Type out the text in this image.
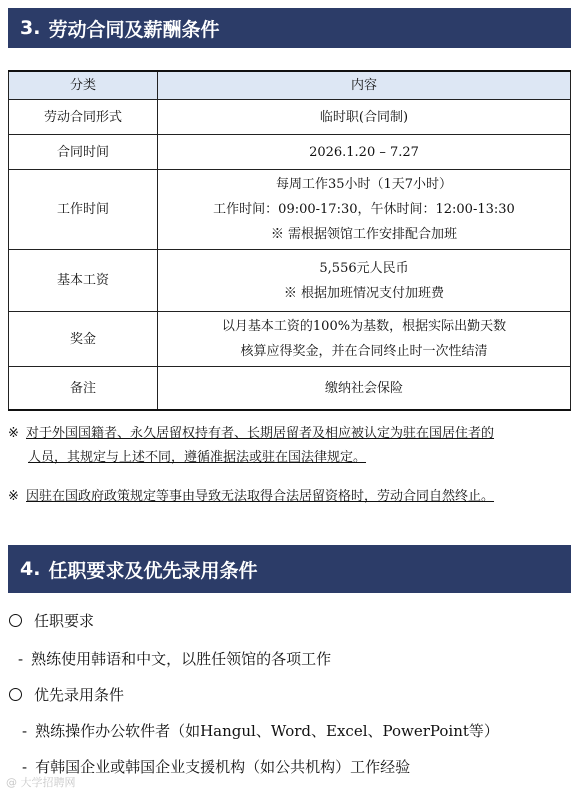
3. 劳动合同及薪酬条件
分类	内容
劳动合同形式	临时职(合同制)

合同时间	2026.1.20 – 7.27

工作时间	每周工作35小时（1天7小时）
工作时间：09:00-17:30，午休时间：12:00-13:30
※ 需根据领馆工作安排配合加班

基本工资	5,556元人民币
※ 根据加班情况支付加班费

奖金	以月基本工资的100%为基数，根据实际出勤天数
核算应得奖金，并在合同终止时一次性结清

备注	缴纳社会保险
※ 对于外国国籍者、永久居留权持有者、长期居留者及相应被认定为驻在国居住者的
人员，其规定与上述不同，遵循准据法或驻在国法律规定。
※ 因驻在国政府政策规定等事由导致无法取得合法居留资格时，劳动合同自然终止。
4. 任职要求及优先录用条件
任职要求
- 熟练使用韩语和中文，以胜任领馆的各项工作
优先录用条件
- 熟练操作办公软件者（如Hangul、Word、Excel、PowerPoint等）
- 有韩国企业或韩国企业支援机构（如公共机构）工作经验
@ 大学招聘网
